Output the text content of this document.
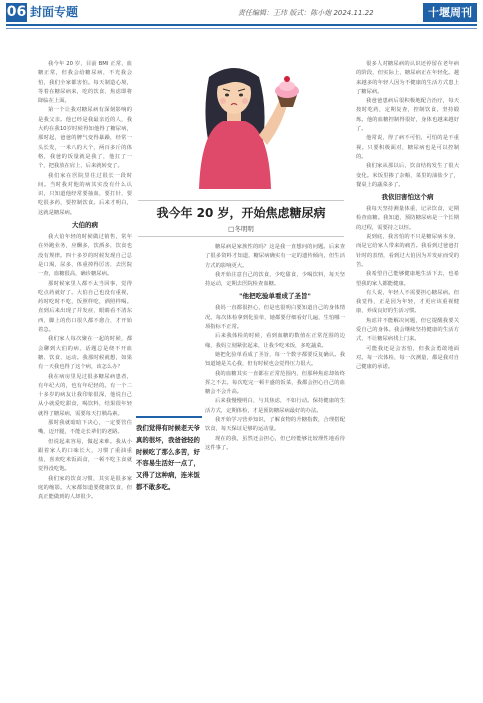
06 封面专题	责任编辑：王玮 版式：陈小炮 2024.11.22	十堰周刊

我今年 20 岁，目前 BMI 正常，血糖正常，但我会给糖尿病，不光我会怕，我们全家都害怕。每天制造心境，等着在糖尿病来，吃的饮食、焦虑即将降临在上面。

第一个让我对糖尿病有深刻影响的是我父亲。他已经是我最亲近的人，我大约在我10岁时候得知他得了糖尿病，那时起，爸爸的脾气变得暴躁，经常一头长发，一米八的大个，两百多斤的体格，我爸的饭量就是我了，他扛了一个，把我放在肩上，后来就转变了。

我们家在医院里住过很长一段时间。当时我对他的病其实没有什么认识，只知道他经常要抽血，要打针，要吃很多药，要控制饮食。后来才明白，这就是糖尿病。

大伯的病

我大伯年轻的时候做过销售，常年在外跑业务，应酬多，饮酒多，饮食也没有规律。四十多岁的时候发现自己总是口渴，尿多，体重掉得厉害，去医院一查，血糖很高，确诊糖尿病。

那时候家里人都不太当回事，觉得吃点药就好了。大伯自己也没有重视，药时吃时不吃，饭照样吃，酒照样喝。直到后来出现了并发症，眼睛看不清东西，脚上的伤口很久都不愈合，才开始着急。

我们家人每次聚在一起的时候，都会聊到大伯的病，话题总是绕不开血糖、饮食、运动。我那时候就想，如果有一天我也得了这个病，该怎么办？

我在病房里见过很多糖尿病患者，有年纪大的，也有年纪轻的。有一个二十多岁的病友让我印象很深，他说自己从小就爱吃甜食，喝饮料，结果很年轻就得了糖尿病，需要每天打胰岛素。

那时我就暗暗下决心，一定要管住嘴，迈开腿，不能走长辈们的老路。

但说起来容易，做起来难。我从小跟着家人的口味长大，习惯了重油重盐，喜欢吃米饭面食，一顿不吃主食就觉得没吃饱。

我们家的饮食习惯，其实是很多家庭的缩影。大家都知道要健康饮食，但真正能做到的人却很少。

糖尿病是家族性的吗？这是我一直想问的问题。后来查了很多资料才知道，糖尿病确实有一定的遗传倾向，但生活方式的影响更大。

我开始注意自己的饮食，少吃甜食，少喝饮料，每天坚持运动，定期去医院检查血糖。

"他把吃验单看成了圣旨"

我妈一直都很担心，但是也很明白要知道自己的身体情况。每次体检拿到化验单，她都要仔细看好几遍，生怕哪一项指标不正常。

后来我体检的时候，看到血糖的数值在正常范围的边缘，我妈立刻紧张起来，让我少吃米饭，多吃蔬菜。

她把化验单看成了圣旨，每一个数字都要反复确认。我知道她是关心我，但有时候也会觉得压力很大。

我的血糖其实一直都在正常范围内，但那种焦虑却始终挥之不去。每次吃完一顿丰盛的饭菜，我都会担心自己的血糖会不会升高。

后来我慢慢明白，与其焦虑，不如行动。保持健康的生活方式，定期体检，才是预防糖尿病最好的办法。

我开始学习营养知识，了解食物的升糖指数，合理搭配饮食，每天保证足够的运动量。

现在的我，虽然还会担心，但已经能够比较理性地看待这件事了。

很多人对糖尿病的认识还停留在老年病的阶段，但实际上，糖尿病正在年轻化。越来越多的年轻人因为不健康的生活方式患上了糖尿病。

我爸爸患病后很积极地配合治疗，每天按时吃药，定期复查，控制饮食，坚持锻炼。他的血糖控制得很好，身体也越来越好了。

他常说，得了病不可怕，可怕的是不重视。只要积极面对，糖尿病也是可以控制的。

我们家从那以后，饮食结构发生了很大变化。米饭里掺了杂粮，菜里的油盐少了，餐桌上的蔬菜多了。

我依旧害怕这个病

我每天坚持测量体重，记录饮食，定期检查血糖。我知道，预防糖尿病是一个长期的过程，需要持之以恒。

说到底，我害怕的不只是糖尿病本身，而是它给家人带来的痛苦。我看到过爸爸打针时的表情，看到过大伯因为并发症而受的苦。

我希望自己能够健康地生活下去，也希望我的家人都能健康。

有人说，年轻人不需要担心糖尿病。但我觉得，正是因为年轻，才更应该重视健康，养成良好的生活习惯。

焦虑并不能解决问题，但它提醒我要关爱自己的身体。我会继续坚持健康的生活方式，不让糖尿病找上门来。

可能我还是会害怕，但我会勇敢地面对。每一次体检，每一次测量，都是我对自己健康的承诺。

我今年 20 岁，开始焦虑糖尿病
□冬明明
我们觉得有时候老天爷真的很坏，我爸爸轻的时候吃了那么多苦，好不容易生活好一点了，又得了这种病，连米饭都不敢多吃。
